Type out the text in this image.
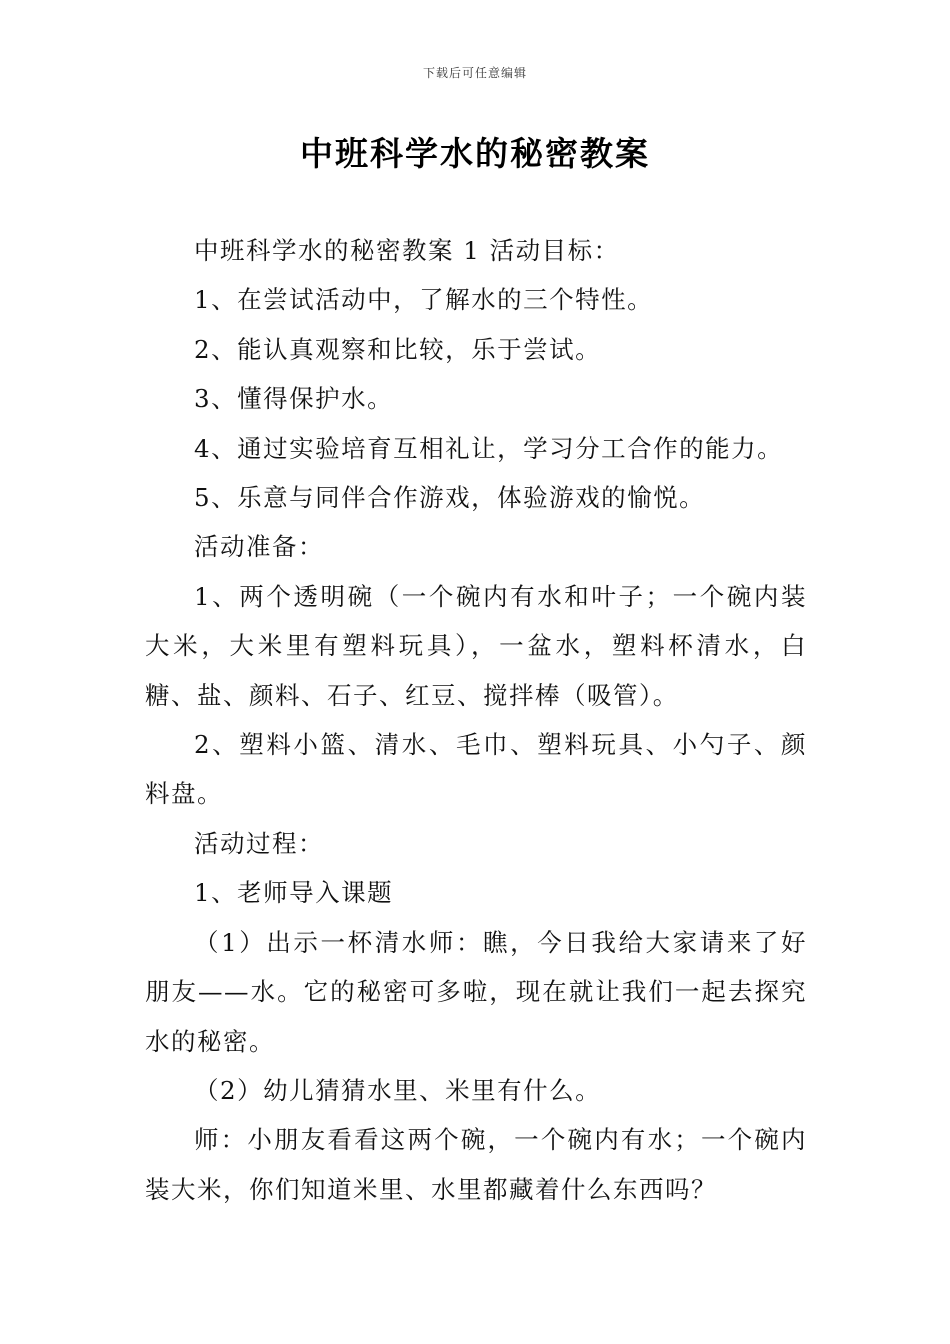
下载后可任意编辑
中班科学水的秘密教案

中班科学水的秘密教案 1 活动目标：

1、在尝试活动中，了解水的三个特性。

2、能认真观察和比较，乐于尝试。

3、懂得保护水。

4、通过实验培育互相礼让，学习分工合作的能力。

5、乐意与同伴合作游戏，体验游戏的愉悦。

活动准备：

1、两个透明碗（一个碗内有水和叶子；一个碗内装大米，大米里有塑料玩具），一盆水，塑料杯清水，白糖、盐、颜料、石子、红豆、搅拌棒（吸管）。

2、塑料小篮、清水、毛巾、塑料玩具、小勺子、颜料盘。

活动过程：

1、老师导入课题

（1）出示一杯清水师：瞧，今日我给大家请来了好朋友——水。它的秘密可多啦，现在就让我们一起去探究水的秘密。

（2）幼儿猜猜水里、米里有什么。

师：小朋友看看这两个碗，一个碗内有水；一个碗内装大米，你们知道米里、水里都藏着什么东西吗？
